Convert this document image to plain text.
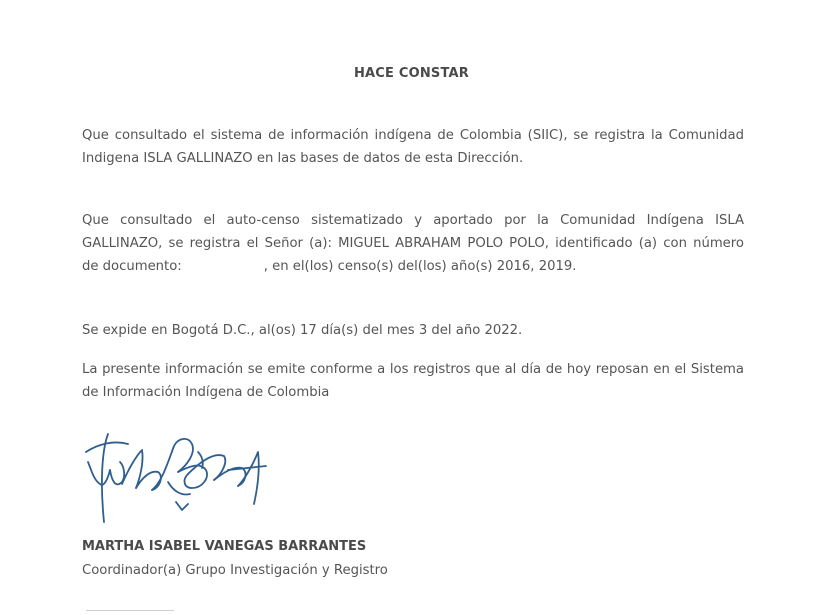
HACE CONSTAR
Que consultado el sistema de información indígena de Colombia (SIIC), se registra la Comunidad
Indigena ISLA GALLINAZO en las bases de datos de esta Dirección.
Que consultado el auto-censo sistematizado y aportado por la Comunidad Indígena ISLA
GALLINAZO, se registra el Señor (a): MIGUEL ABRAHAM POLO POLO, identificado (a) con número
de documento:	, en el(los) censo(s) del(los) año(s) 2016, 2019.
Se expide en Bogotá D.C., al(os) 17 día(s) del mes 3 del año 2022.
La presente información se emite conforme a los registros que al día de hoy reposan en el Sistema
de Información Indígena de Colombia
MARTHA ISABEL VANEGAS BARRANTES
Coordinador(a) Grupo Investigación y Registro
